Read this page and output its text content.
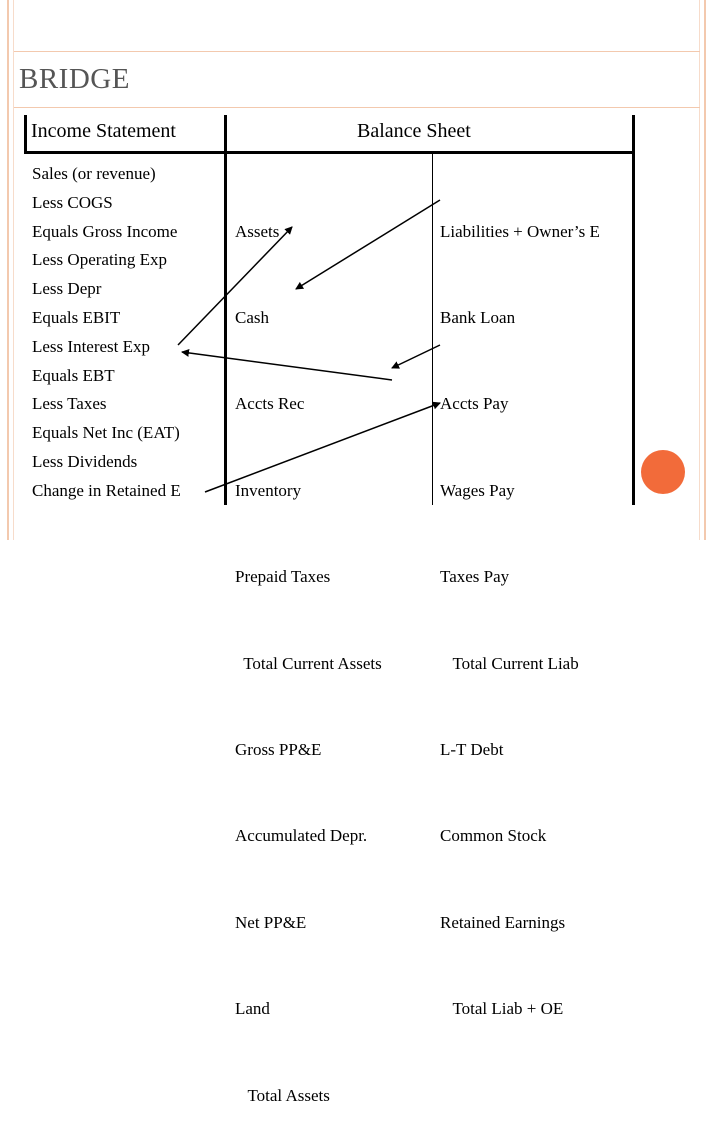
BRIDGE
Income Statement	Balance Sheet
Sales (or revenue)
Less COGS
Equals Gross Income
Less Operating Exp
Less Depr
Equals EBIT
Less Interest Exp
Equals EBT
Less Taxes
Equals Net Inc (EAT)
Less Dividends
Change in Retained E

Assets

Cash

Accts Rec

Inventory

Prepaid Taxes

Total Current Assets

Gross PP&E

Accumulated Depr.

Net PP&E

Land

Total Assets

Liabilities + Owner’s E

Bank Loan

Accts Pay

Wages Pay

Taxes Pay

Total Current Liab

L-T Debt

Common Stock

Retained Earnings

Total Liab + OE
